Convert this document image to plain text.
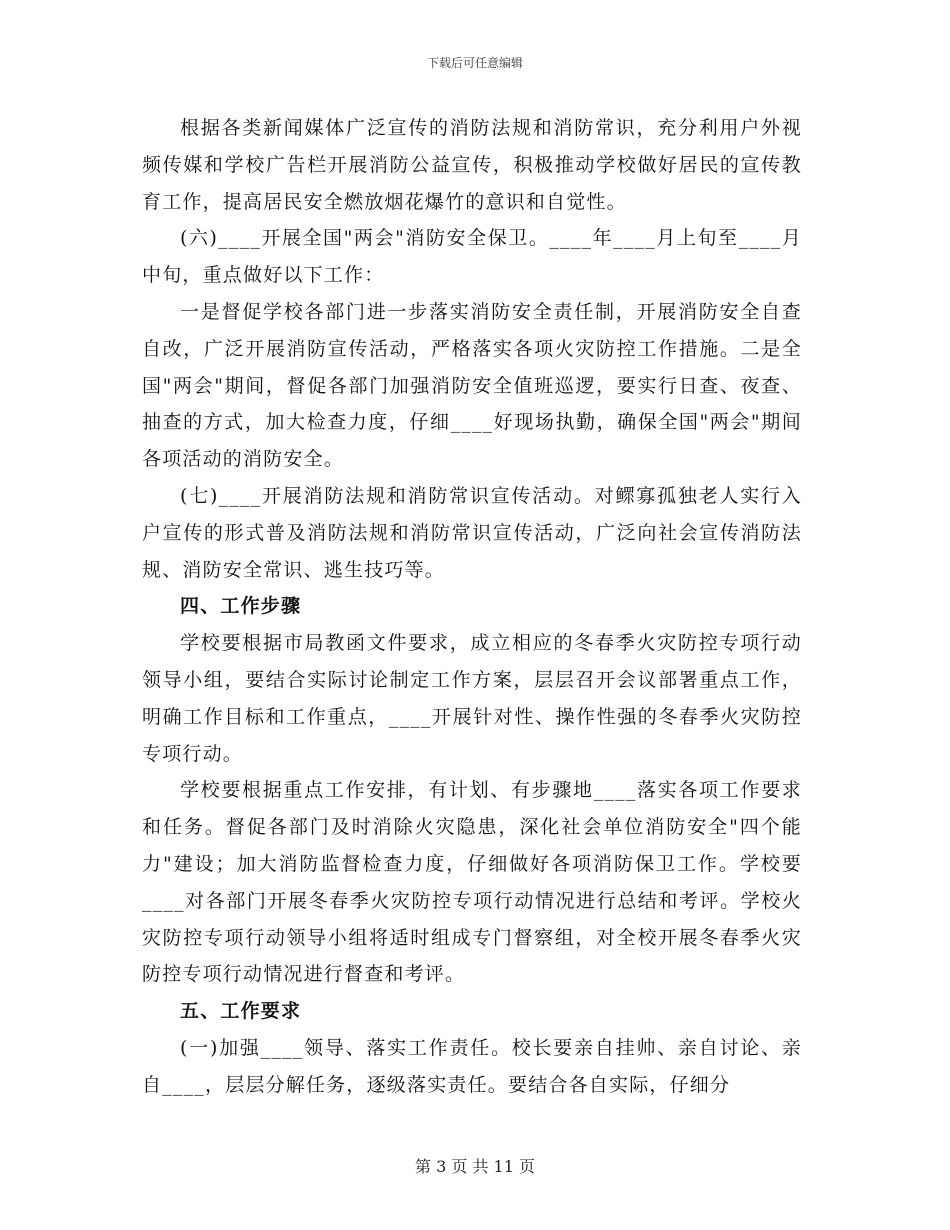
下载后可任意编辑

根据各类新闻媒体广泛宣传的消防法规和消防常识，充分利用户外视频传媒和学校广告栏开展消防公益宣传，积极推动学校做好居民的宣传教育工作，提高居民安全燃放烟花爆竹的意识和自觉性。

(六)____开展全国"两会"消防安全保卫。____年____月上旬至____月中旬，重点做好以下工作：

一是督促学校各部门进一步落实消防安全责任制，开展消防安全自查自改，广泛开展消防宣传活动，严格落实各项火灾防控工作措施。二是全国"两会"期间，督促各部门加强消防安全值班巡逻，要实行日查、夜查、抽查的方式，加大检查力度，仔细____好现场执勤，确保全国"两会"期间各项活动的消防安全。

(七)____开展消防法规和消防常识宣传活动。对鳏寡孤独老人实行入户宣传的形式普及消防法规和消防常识宣传活动，广泛向社会宣传消防法规、消防安全常识、逃生技巧等。

四、工作步骤

学校要根据市局教函文件要求，成立相应的冬春季火灾防控专项行动领导小组，要结合实际讨论制定工作方案，层层召开会议部署重点工作，明确工作目标和工作重点，____开展针对性、操作性强的冬春季火灾防控专项行动。

学校要根据重点工作安排，有计划、有步骤地____落实各项工作要求和任务。督促各部门及时消除火灾隐患，深化社会单位消防安全"四个能力"建设；加大消防监督检查力度，仔细做好各项消防保卫工作。学校要____对各部门开展冬春季火灾防控专项行动情况进行总结和考评。学校火灾防控专项行动领导小组将适时组成专门督察组，对全校开展冬春季火灾防控专项行动情况进行督查和考评。

五、工作要求

(一)加强____领导、落实工作责任。校长要亲自挂帅、亲自讨论、亲自____，层层分解任务，逐级落实责任。要结合各自实际，仔细分

第 3 页 共 11 页
